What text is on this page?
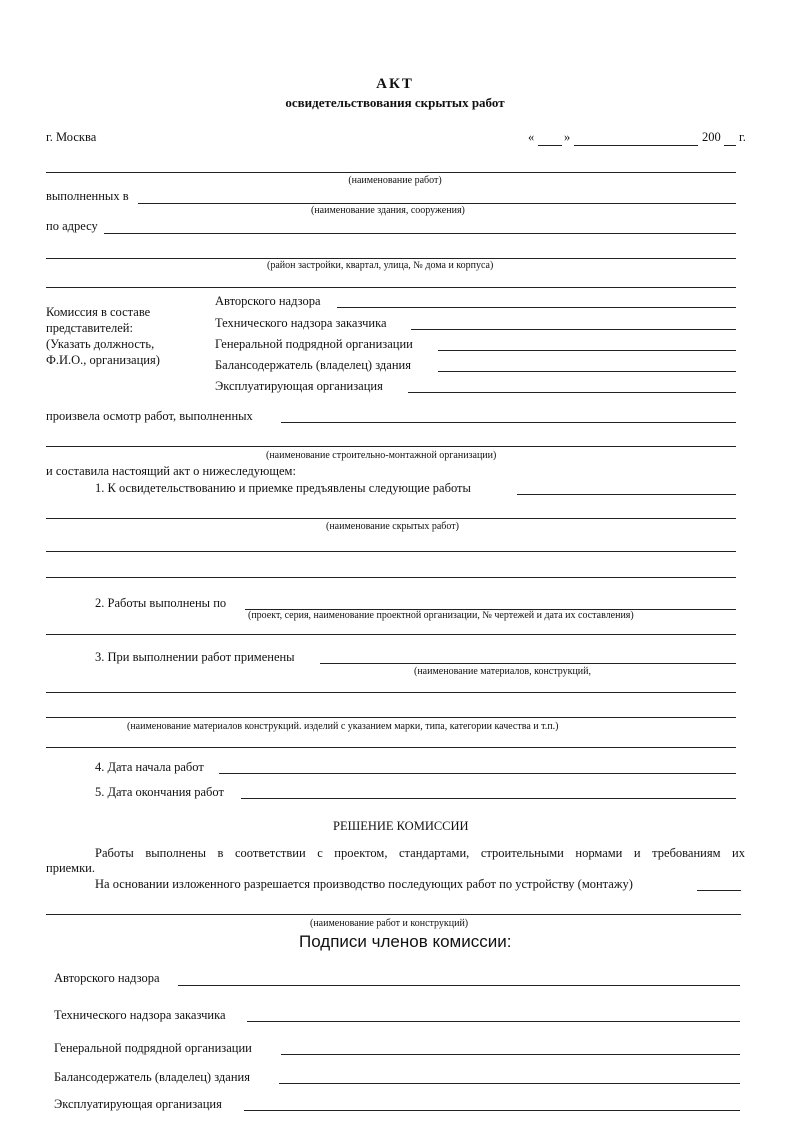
АКТ
освидетельствования скрытых работ
г. Москва	« »	200 г.
(наименование работ)
выполненных в
(наименование здания, сооружения)
по адресу
(район застройки, квартал, улица, № дома и корпуса)
Комиссия в составе
представителей:
(Указать должность,
Ф.И.О., организация)
Авторского надзора
Технического надзора заказчика
Генеральной подрядной организации
Балансодержатель (владелец) здания
Эксплуатирующая организация
произвела осмотр работ, выполненных
(наименование строительно-монтажной организации)
и составила настоящий акт о нижеследующем:
1. К освидетельствованию и приемке предъявлены следующие работы
(наименование скрытых работ)
2. Работы выполнены по
(проект, серия, наименование проектной организации, № чертежей и дата их составления)
3. При выполнении работ применены
(наименование материалов, конструкций,
(наименование материалов конструкций. изделий с указанием марки, типа, категории качества и т.п.)
4. Дата начала работ
5. Дата окончания работ
РЕШЕНИЕ КОМИССИИ
Работы выполнены в соответствии с проектом, стандартами, строительными нормами и требованиям их
приемки.
На основании изложенного разрешается производство последующих работ по устройству (монтажу)
(наименование работ и конструкций)
Подписи членов комиссии:
Авторского надзора
Технического надзора заказчика
Генеральной подрядной организации
Балансодержатель (владелец) здания
Эксплуатирующая организация
